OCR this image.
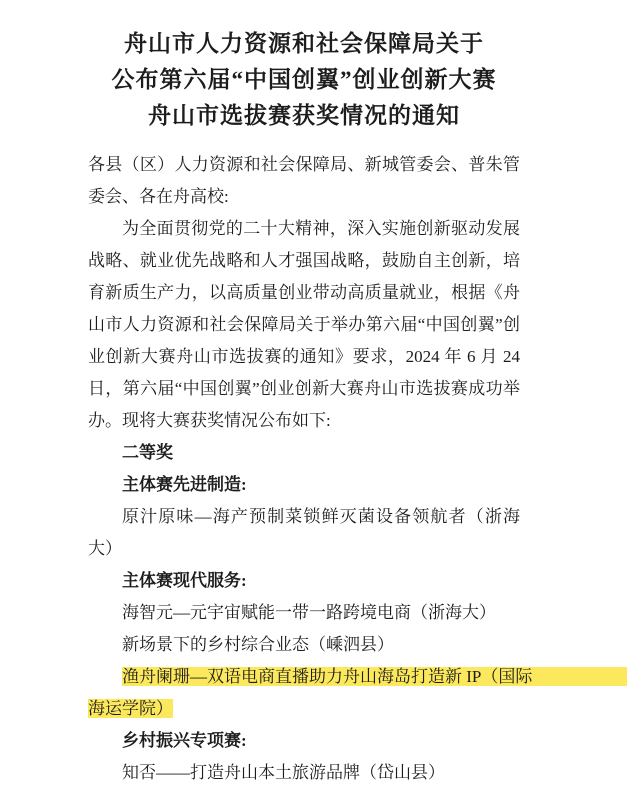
舟山市人力资源和社会保障局关于
公布第六届“中国创翼”创业创新大赛
舟山市选拔赛获奖情况的通知

各县（区）人力资源和社会保障局、新城管委会、普朱管委会、各在舟高校:

为全面贯彻党的二十大精神，深入实施创新驱动发展战略、就业优先战略和人才强国战略，鼓励自主创新，培育新质生产力，以高质量创业带动高质量就业，根据《舟山市人力资源和社会保障局关于举办第六届“中国创翼”创业创新大赛舟山市选拔赛的通知》要求，2024 年 6 月 24 日，第六届“中国创翼”创业创新大赛舟山市选拔赛成功举办。现将大赛获奖情况公布如下:

二等奖

主体赛先进制造:

原汁原味—海产预制菜锁鲜灭菌设备领航者（浙海大）

主体赛现代服务:

海智元—元宇宙赋能一带一路跨境电商（浙海大）

新场景下的乡村综合业态（嵊泗县）

渔舟阑珊—双语电商直播助力舟山海岛打造新 IP（国际
海运学院）

乡村振兴专项赛:

知否——打造舟山本土旅游品牌（岱山县）
